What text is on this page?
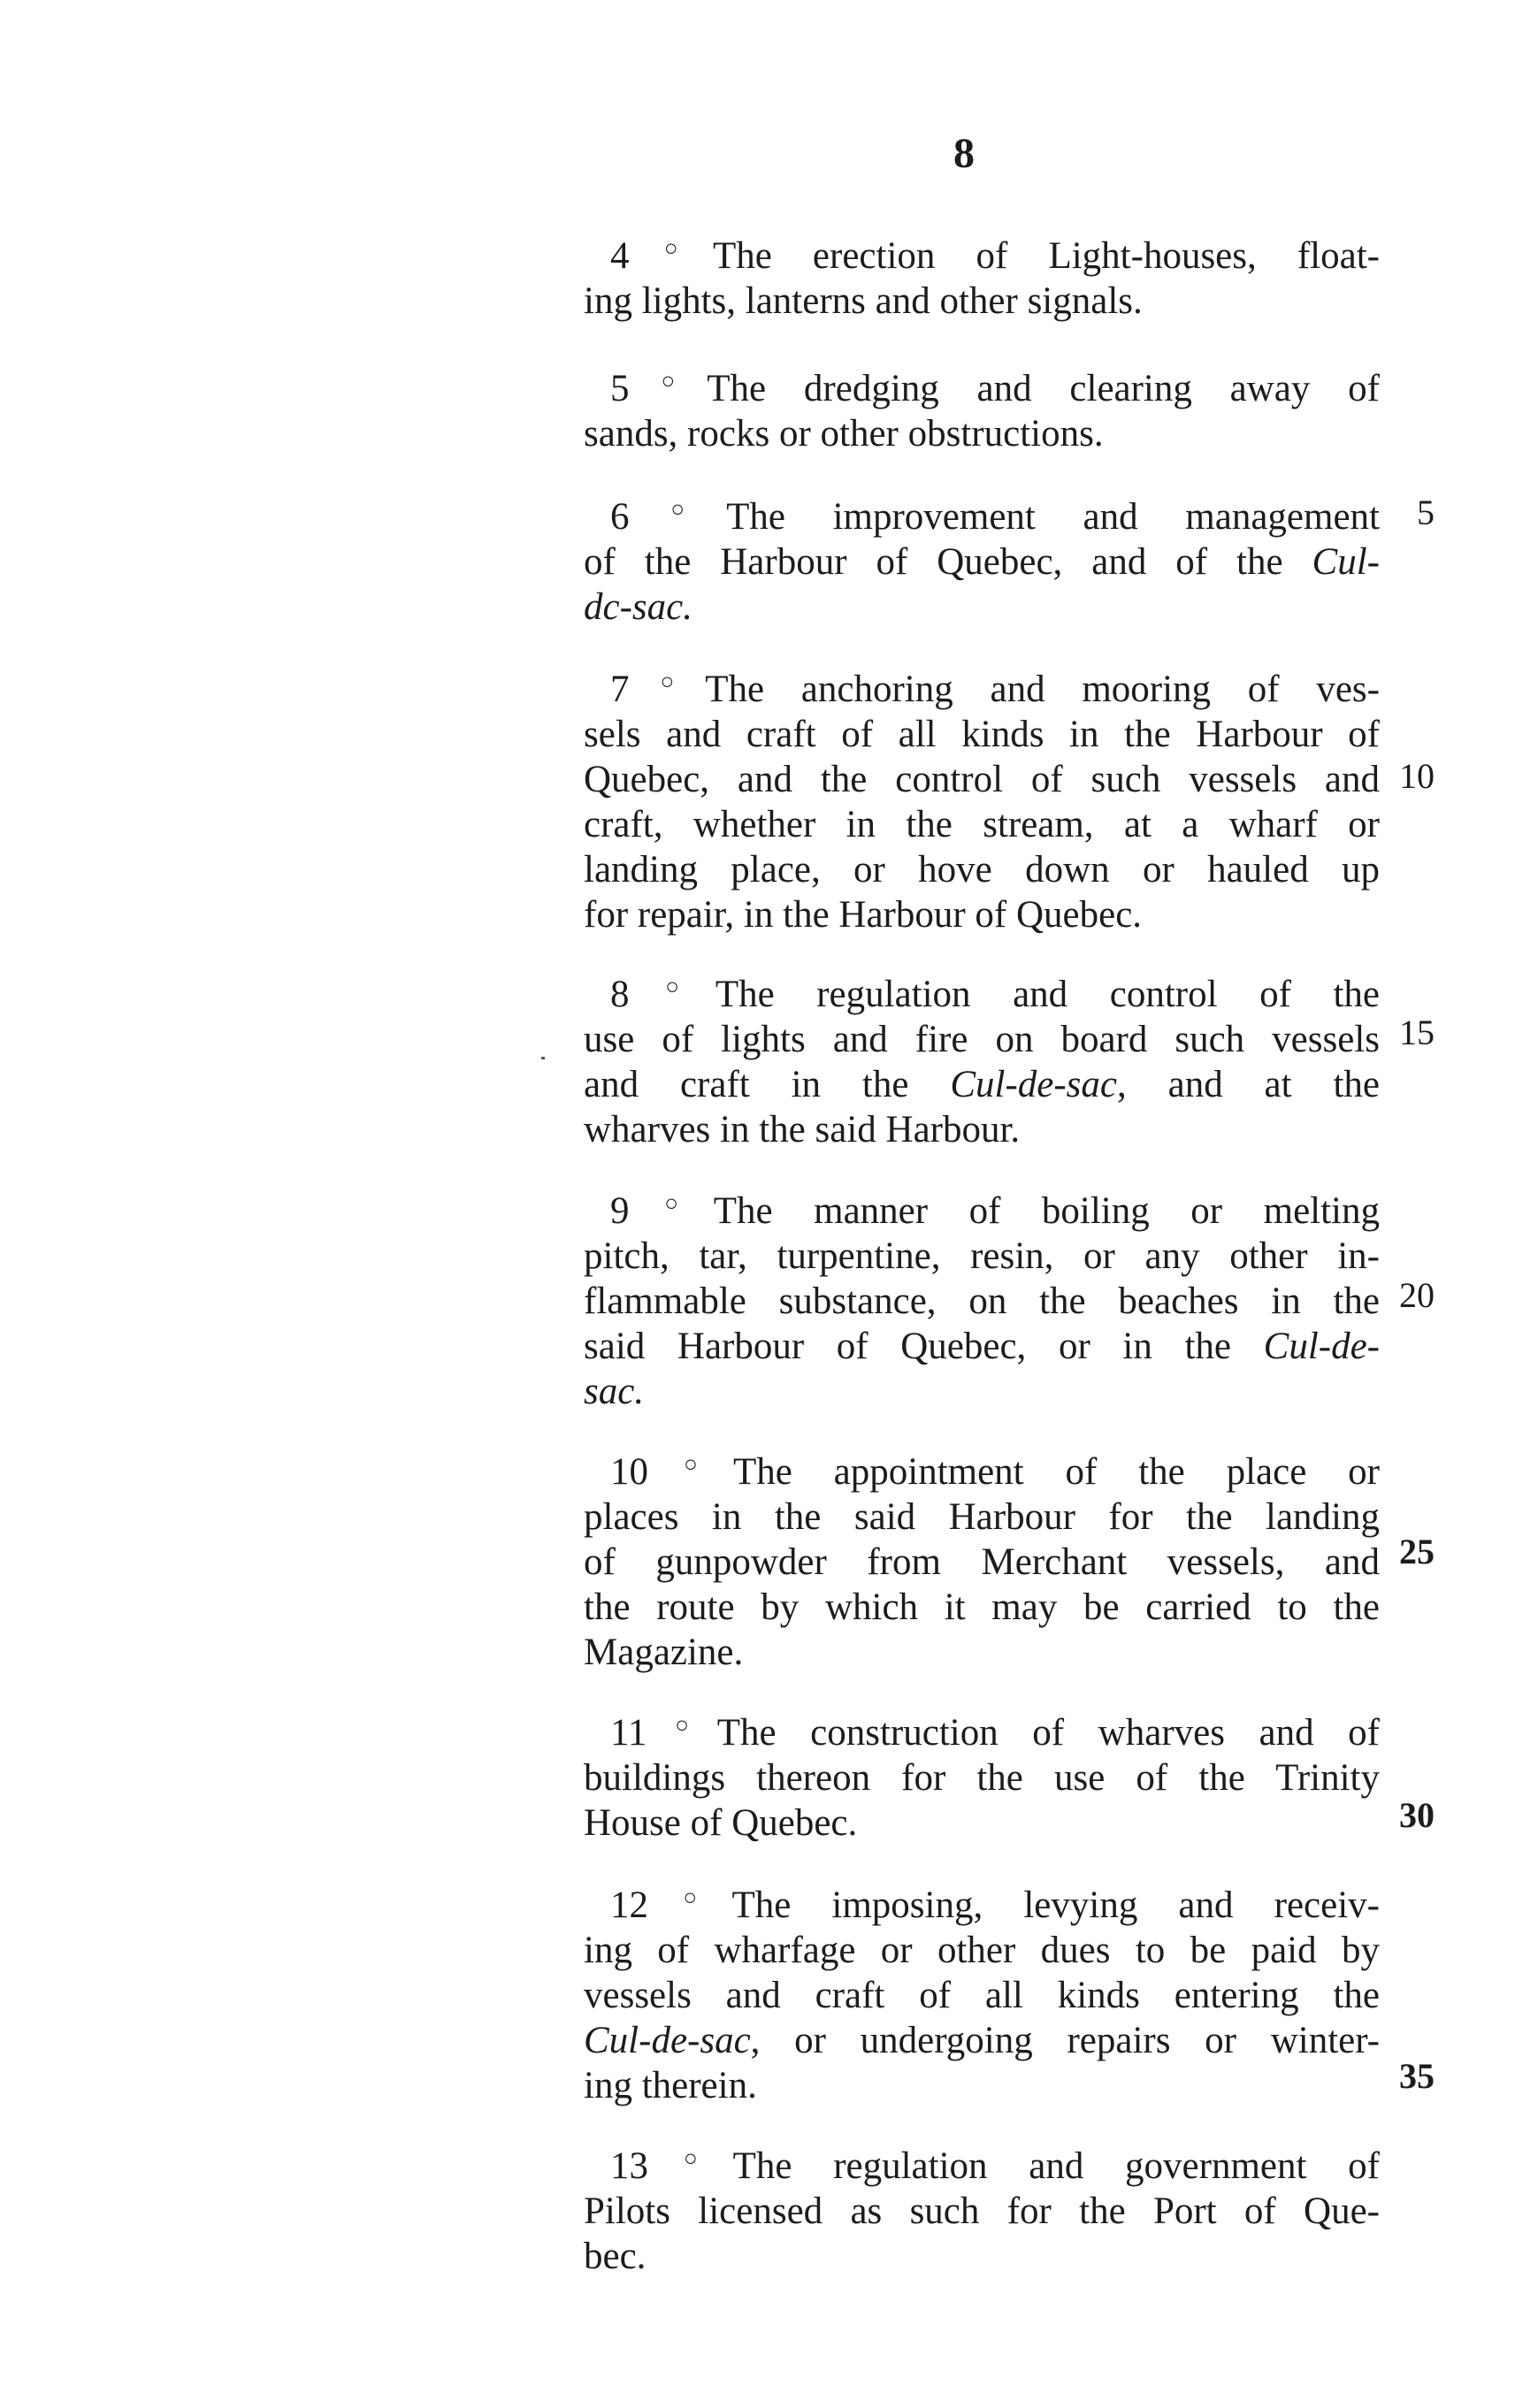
8
4 ○The erection of Light-houses, float-
ing lights, lanterns and other signals.
5 ○The dredging and clearing away of
sands, rocks or other obstructions.
6 ○The improvement and management
of the Harbour of Quebec, and of the Cul-
dc-sac.
7 ○The anchoring and mooring of ves-
sels and craft of all kinds in the Harbour of
Quebec, and the control of such vessels and
craft, whether in the stream, at a wharf or
landing place, or hove down or hauled up
for repair, in the Harbour of Quebec.
8 ○The regulation and control of the
use of lights and fire on board such vessels
and craft in the Cul-de-sac, and at the
wharves in the said Harbour.
9 ○The manner of boiling or melting
pitch, tar, turpentine, resin, or any other in-
flammable substance, on the beaches in the
said Harbour of Quebec, or in the Cul-de-
sac.
10 ○The appointment of the place or
places in the said Harbour for the landing
of gunpowder from Merchant vessels, and
the route by which it may be carried to the
Magazine.
11 ○The construction of wharves and of
buildings thereon for the use of the Trinity
House of Quebec.
12 ○The imposing, levying and receiv-
ing of wharfage or other dues to be paid by
vessels and craft of all kinds entering the
Cul-de-sac, or undergoing repairs or winter-
ing therein.
13 ○The regulation and government of
Pilots licensed as such for the Port of Que-
bec.
5
10
15
20
25
30
35
